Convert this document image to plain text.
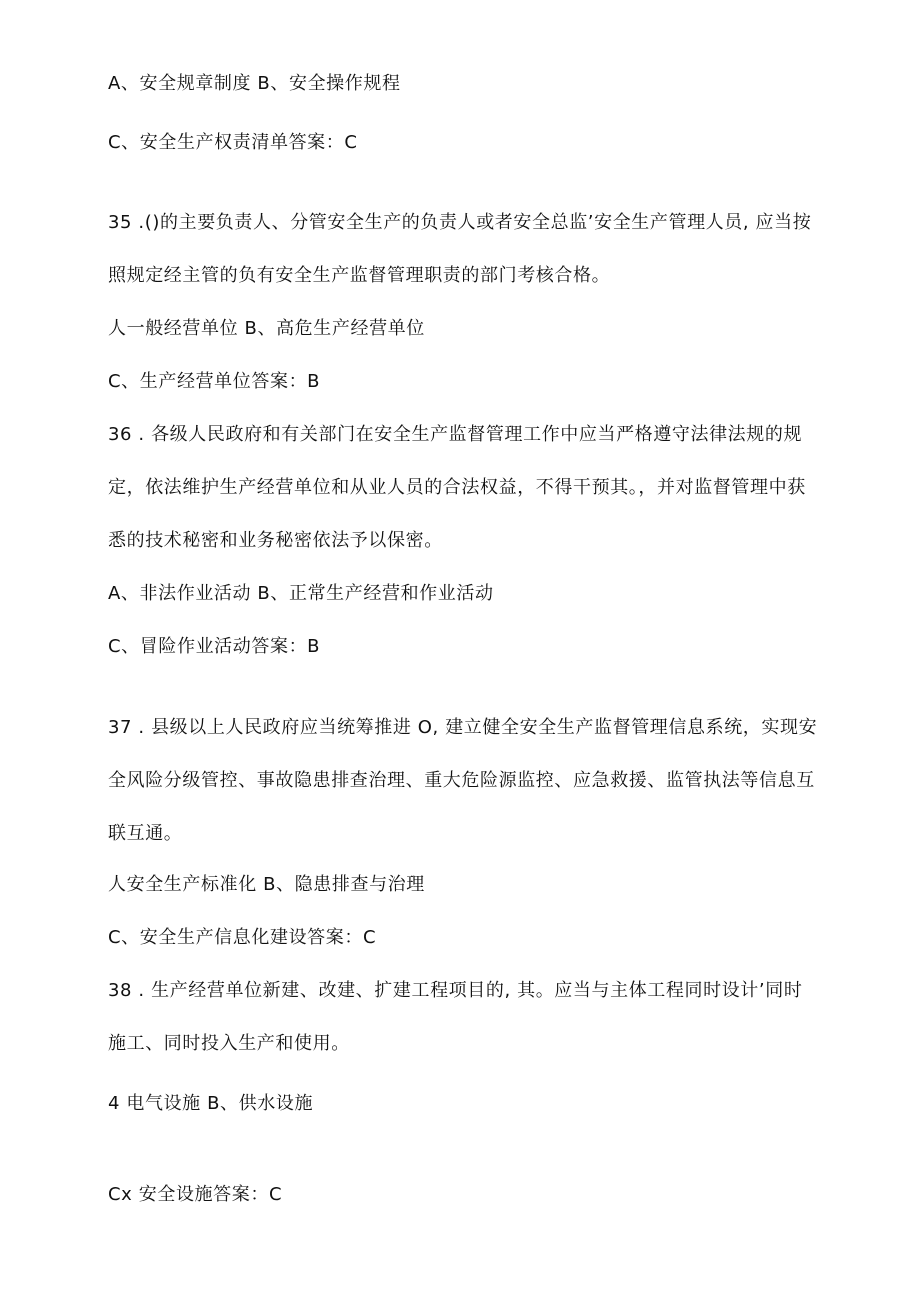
A、安全规章制度 B、安全操作规程
C、安全生产权责清单答案：C
35 .()的主要负责人、分管安全生产的负责人或者安全总监’安全生产管理人员, 应当按
照规定经主管的负有安全生产监督管理职责的部门考核合格。
人一般经营单位 B、高危生产经营单位
C、生产经营单位答案：B
36 . 各级人民政府和有关部门在安全生产监督管理工作中应当严格遵守法律法规的规
定，依法维护生产经营单位和从业人员的合法权益，不得干预其。，并对监督管理中获
悉的技术秘密和业务秘密依法予以保密。
A、非法作业活动 B、正常生产经营和作业活动
C、冒险作业活动答案：B
37 . 县级以上人民政府应当统筹推进 O, 建立健全安全生产监督管理信息系统，实现安
全风险分级管控、事故隐患排查治理、重大危险源监控、应急救援、监管执法等信息互
联互通。
人安全生产标准化 B、隐患排查与治理
C、安全生产信息化建设答案：C
38 . 生产经营单位新建、改建、扩建工程项目的, 其。应当与主体工程同时设计’同时
施工、同时投入生产和使用。
4 电气设施 B、供水设施
Cx 安全设施答案：C
